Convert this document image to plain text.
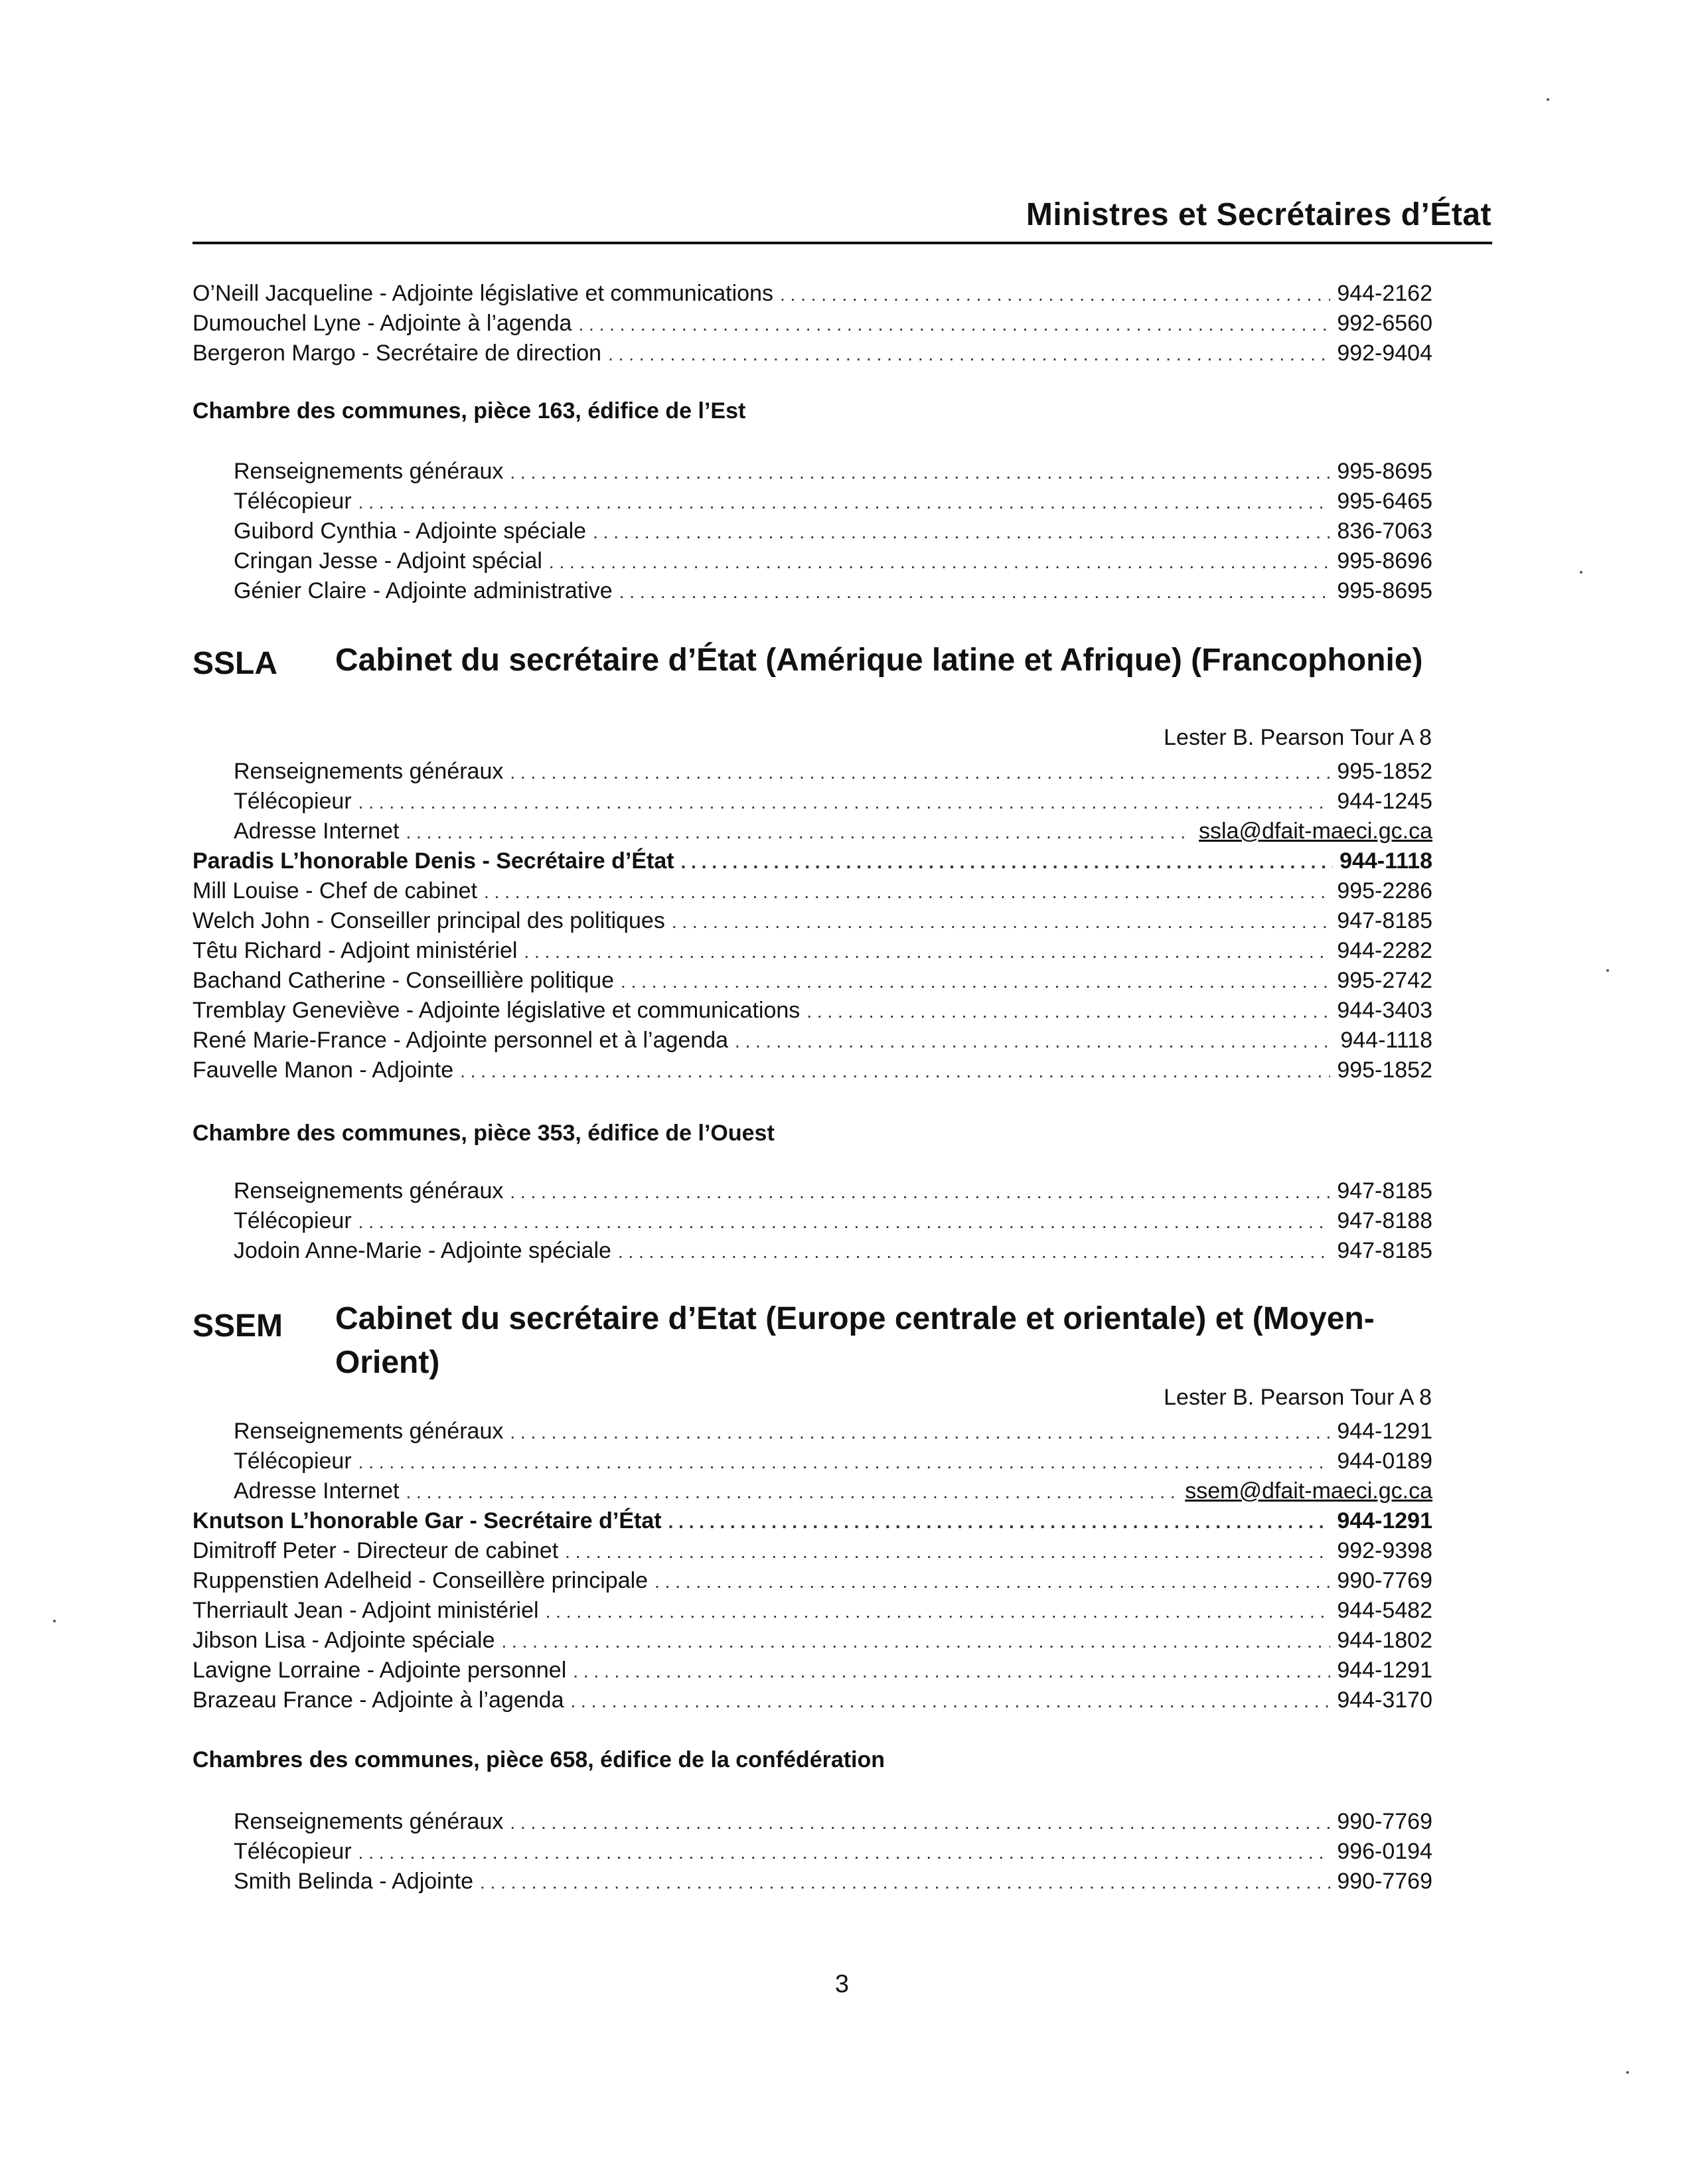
Ministres et Secrétaires d’État
O’Neill Jacqueline - Adjointe législative et communications . . .	944-2162
Dumouchel Lyne - Adjointe à l’agenda . . .	992-6560
Bergeron Margo - Secrétaire de direction . . .	992-9404
Chambre des communes, pièce 163, édifice de l’Est
Renseignements généraux . . .	995-8695
Télécopieur . . .	995-6465
Guibord Cynthia - Adjointe spéciale . . .	836-7063
Cringan Jesse - Adjoint spécial . . .	995-8696
Génier Claire - Adjointe administrative . . .	995-8695
SSLA Cabinet du secrétaire d’État (Amérique latine et Afrique) (Francophonie)
Lester B. Pearson Tour A 8
Renseignements généraux . . .	995-1852
Télécopieur . . .	944-1245
Adresse Internet . . .	ssla@dfait-maeci.gc.ca
Paradis L’honorable Denis - Secrétaire d’État . . .	944-1118
Mill Louise - Chef de cabinet . . .	995-2286
Welch John - Conseiller principal des politiques . . .	947-8185
Têtu Richard - Adjoint ministériel . . .	944-2282
Bachand Catherine - Conseillière politique . . .	995-2742
Tremblay Geneviève - Adjointe législative et communications . . .	944-3403
René Marie-France - Adjointe personnel et à l’agenda . . .	944-1118
Fauvelle Manon - Adjointe . . .	995-1852
Chambre des communes, pièce 353, édifice de l’Ouest
Renseignements généraux . . .	947-8185
Télécopieur . . .	947-8188
Jodoin Anne-Marie - Adjointe spéciale . . .	947-8185
SSEM Cabinet du secrétaire d’Etat (Europe centrale et orientale) et (Moyen-Orient)
Lester B. Pearson Tour A 8
Renseignements généraux . . .	944-1291
Télécopieur . . .	944-0189
Adresse Internet . . .	ssem@dfait-maeci.gc.ca
Knutson L’honorable Gar - Secrétaire d’État . . .	944-1291
Dimitroff Peter - Directeur de cabinet . . .	992-9398
Ruppenstien Adelheid - Conseillère principale . . .	990-7769
Therriault Jean - Adjoint ministériel . . .	944-5482
Jibson Lisa - Adjointe spéciale . . .	944-1802
Lavigne Lorraine - Adjointe personnel . . .	944-1291
Brazeau France - Adjointe à l’agenda . . .	944-3170
Chambres des communes, pièce 658, édifice de la confédération
Renseignements généraux . . .	990-7769
Télécopieur . . .	996-0194
Smith Belinda - Adjointe . . .	990-7769
3
